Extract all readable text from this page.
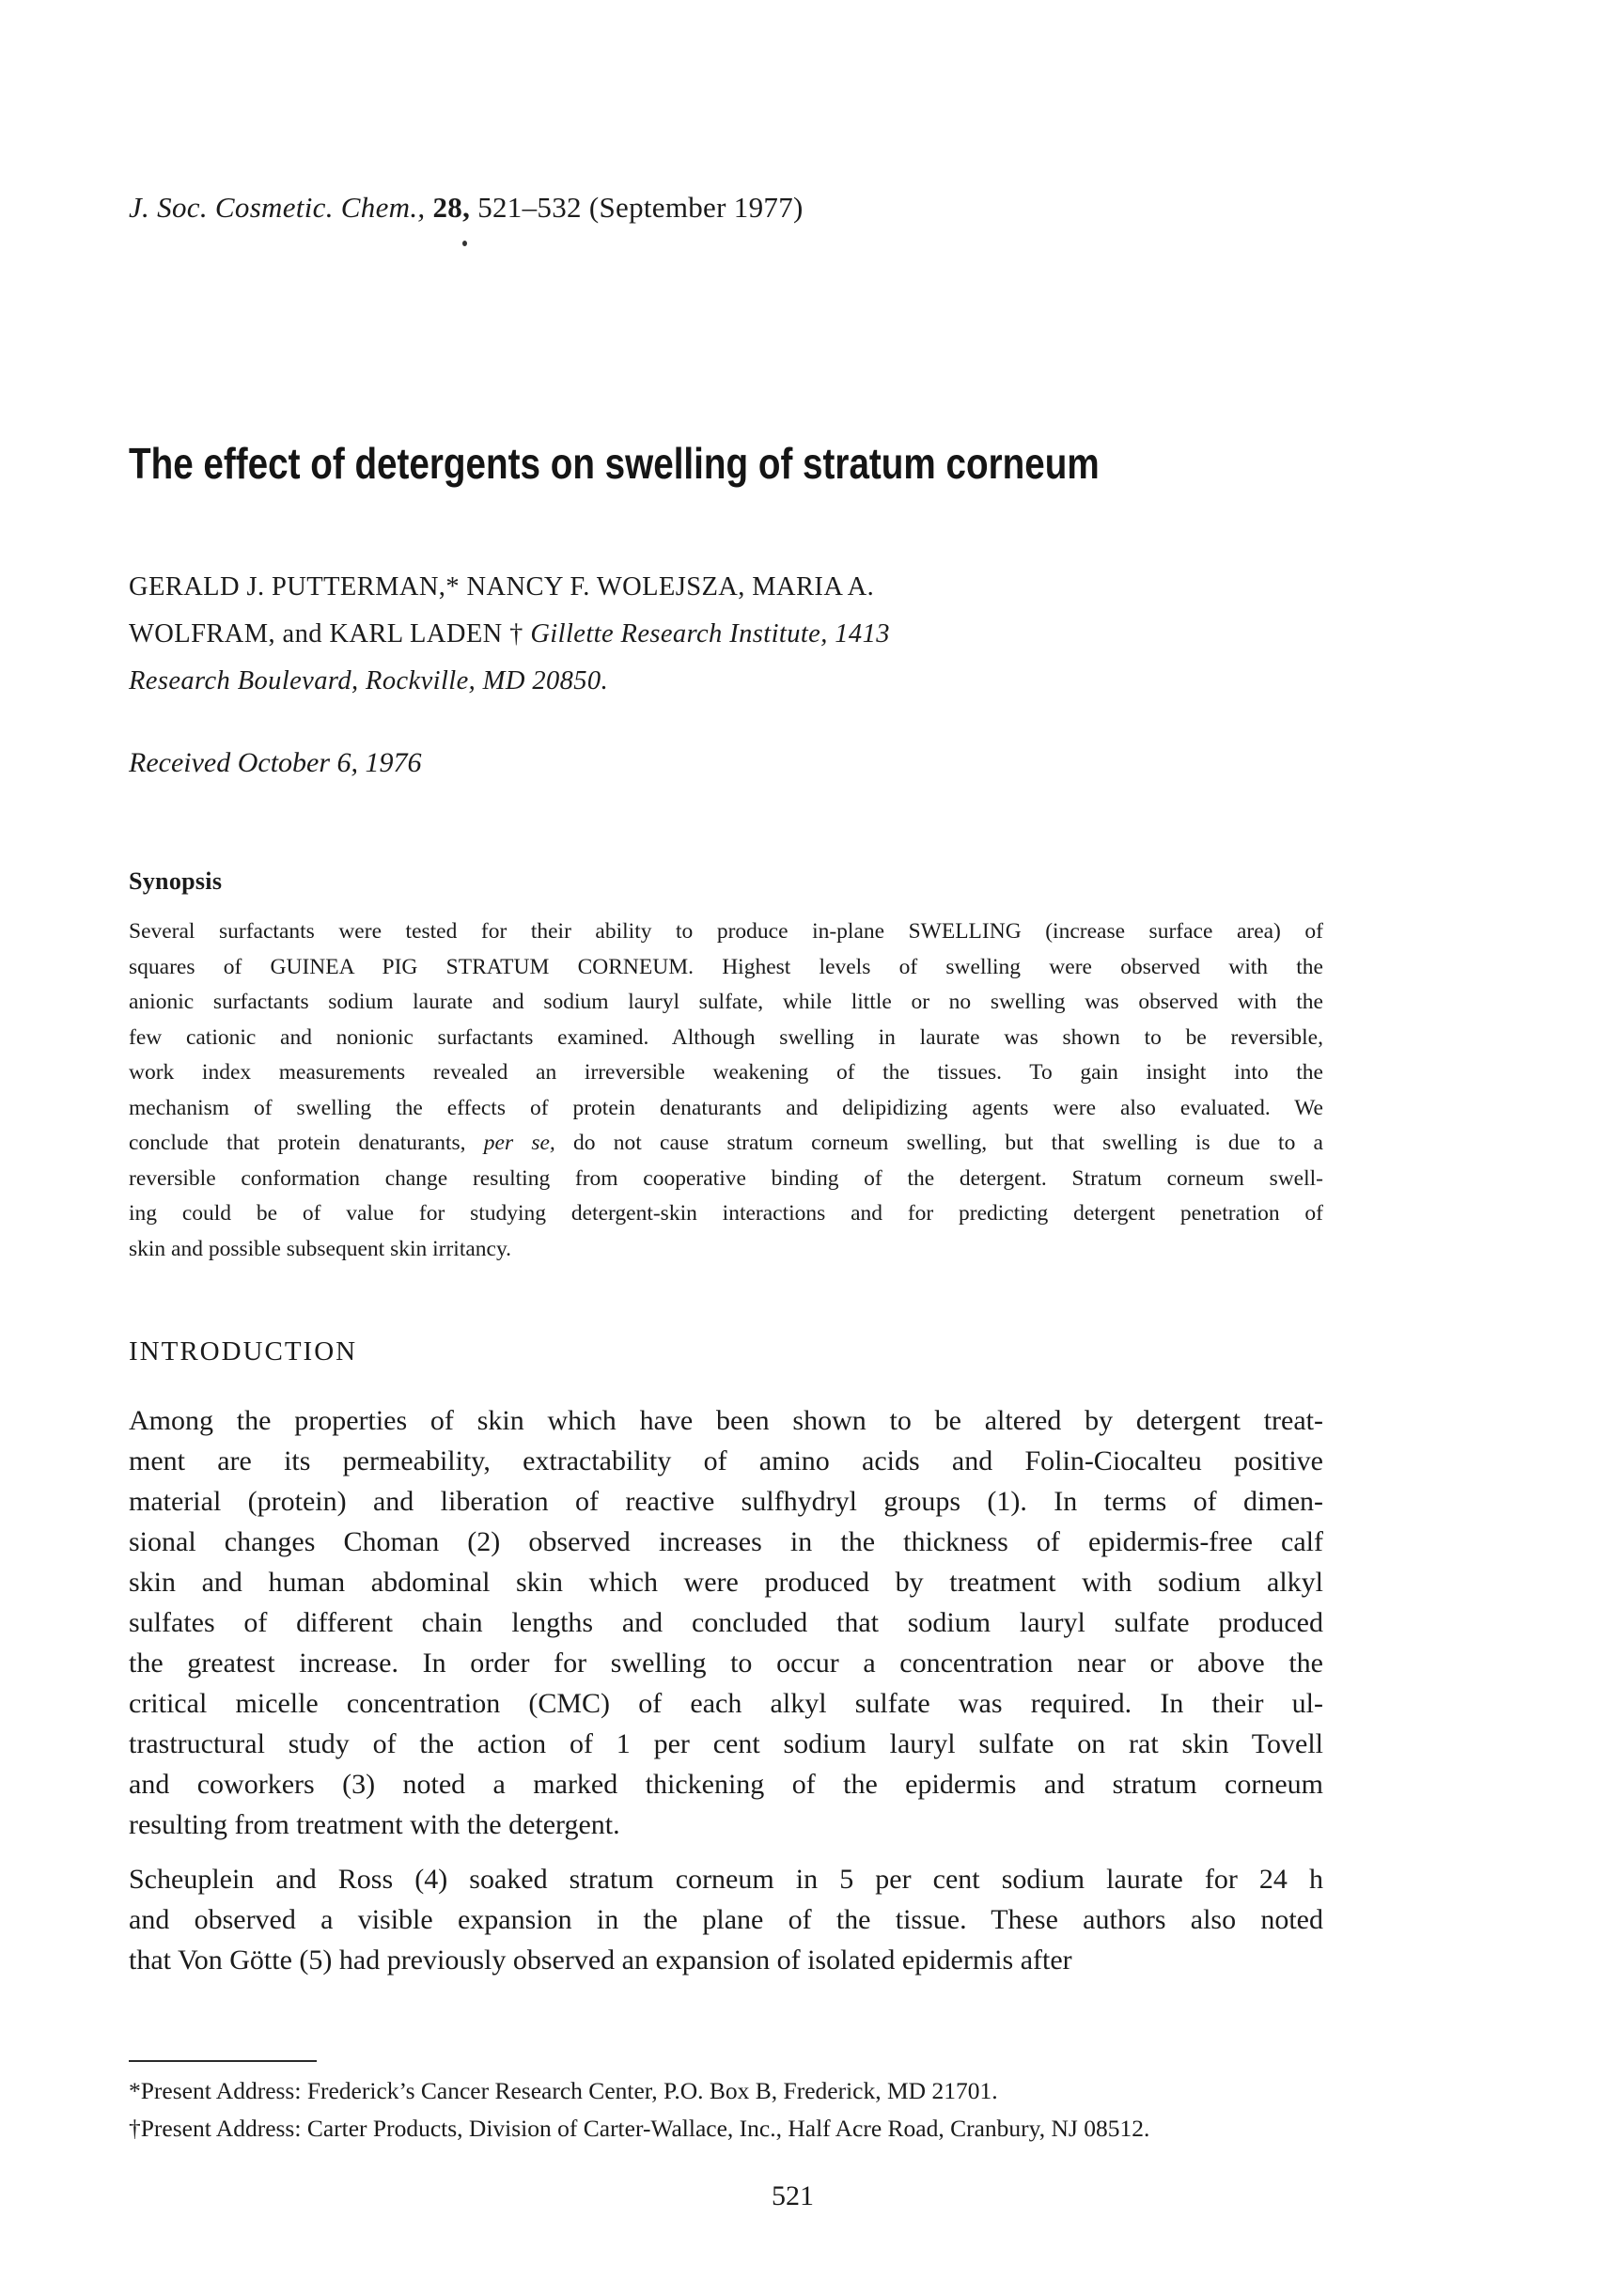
J. Soc. Cosmetic. Chem., 28, 521–532 (September 1977)
The effect of detergents on swelling of stratum corneum
GERALD J. PUTTERMAN,* NANCY F. WOLEJSZA, MARIA A.
WOLFRAM, and KARL LADEN † Gillette Research Institute, 1413
Research Boulevard, Rockville, MD 20850.
Received October 6, 1976
Synopsis
Several surfactants were tested for their ability to produce in-plane SWELLING (increase surface area) of
squares of GUINEA PIG STRATUM CORNEUM. Highest levels of swelling were observed with the
anionic surfactants sodium laurate and sodium lauryl sulfate, while little or no swelling was observed with the
few cationic and nonionic surfactants examined. Although swelling in laurate was shown to be reversible,
work index measurements revealed an irreversible weakening of the tissues. To gain insight into the
mechanism of swelling the effects of protein denaturants and delipidizing agents were also evaluated. We
conclude that protein denaturants, per se, do not cause stratum corneum swelling, but that swelling is due to a
reversible conformation change resulting from cooperative binding of the detergent. Stratum corneum swell-
ing could be of value for studying detergent-skin interactions and for predicting detergent penetration of
skin and possible subsequent skin irritancy.
INTRODUCTION
Among the properties of skin which have been shown to be altered by detergent treat-
ment are its permeability, extractability of amino acids and Folin-Ciocalteu positive
material (protein) and liberation of reactive sulfhydryl groups (1). In terms of dimen-
sional changes Choman (2) observed increases in the thickness of epidermis-free calf
skin and human abdominal skin which were produced by treatment with sodium alkyl
sulfates of different chain lengths and concluded that sodium lauryl sulfate produced
the greatest increase. In order for swelling to occur a concentration near or above the
critical micelle concentration (CMC) of each alkyl sulfate was required. In their ul-
trastructural study of the action of 1 per cent sodium lauryl sulfate on rat skin Tovell
and coworkers (3) noted a marked thickening of the epidermis and stratum corneum
resulting from treatment with the detergent.
Scheuplein and Ross (4) soaked stratum corneum in 5 per cent sodium laurate for 24 h
and observed a visible expansion in the plane of the tissue. These authors also noted
that Von Götte (5) had previously observed an expansion of isolated epidermis after
*Present Address: Frederick’s Cancer Research Center, P.O. Box B, Frederick, MD 21701.
†Present Address: Carter Products, Division of Carter-Wallace, Inc., Half Acre Road, Cranbury, NJ 08512.
521
